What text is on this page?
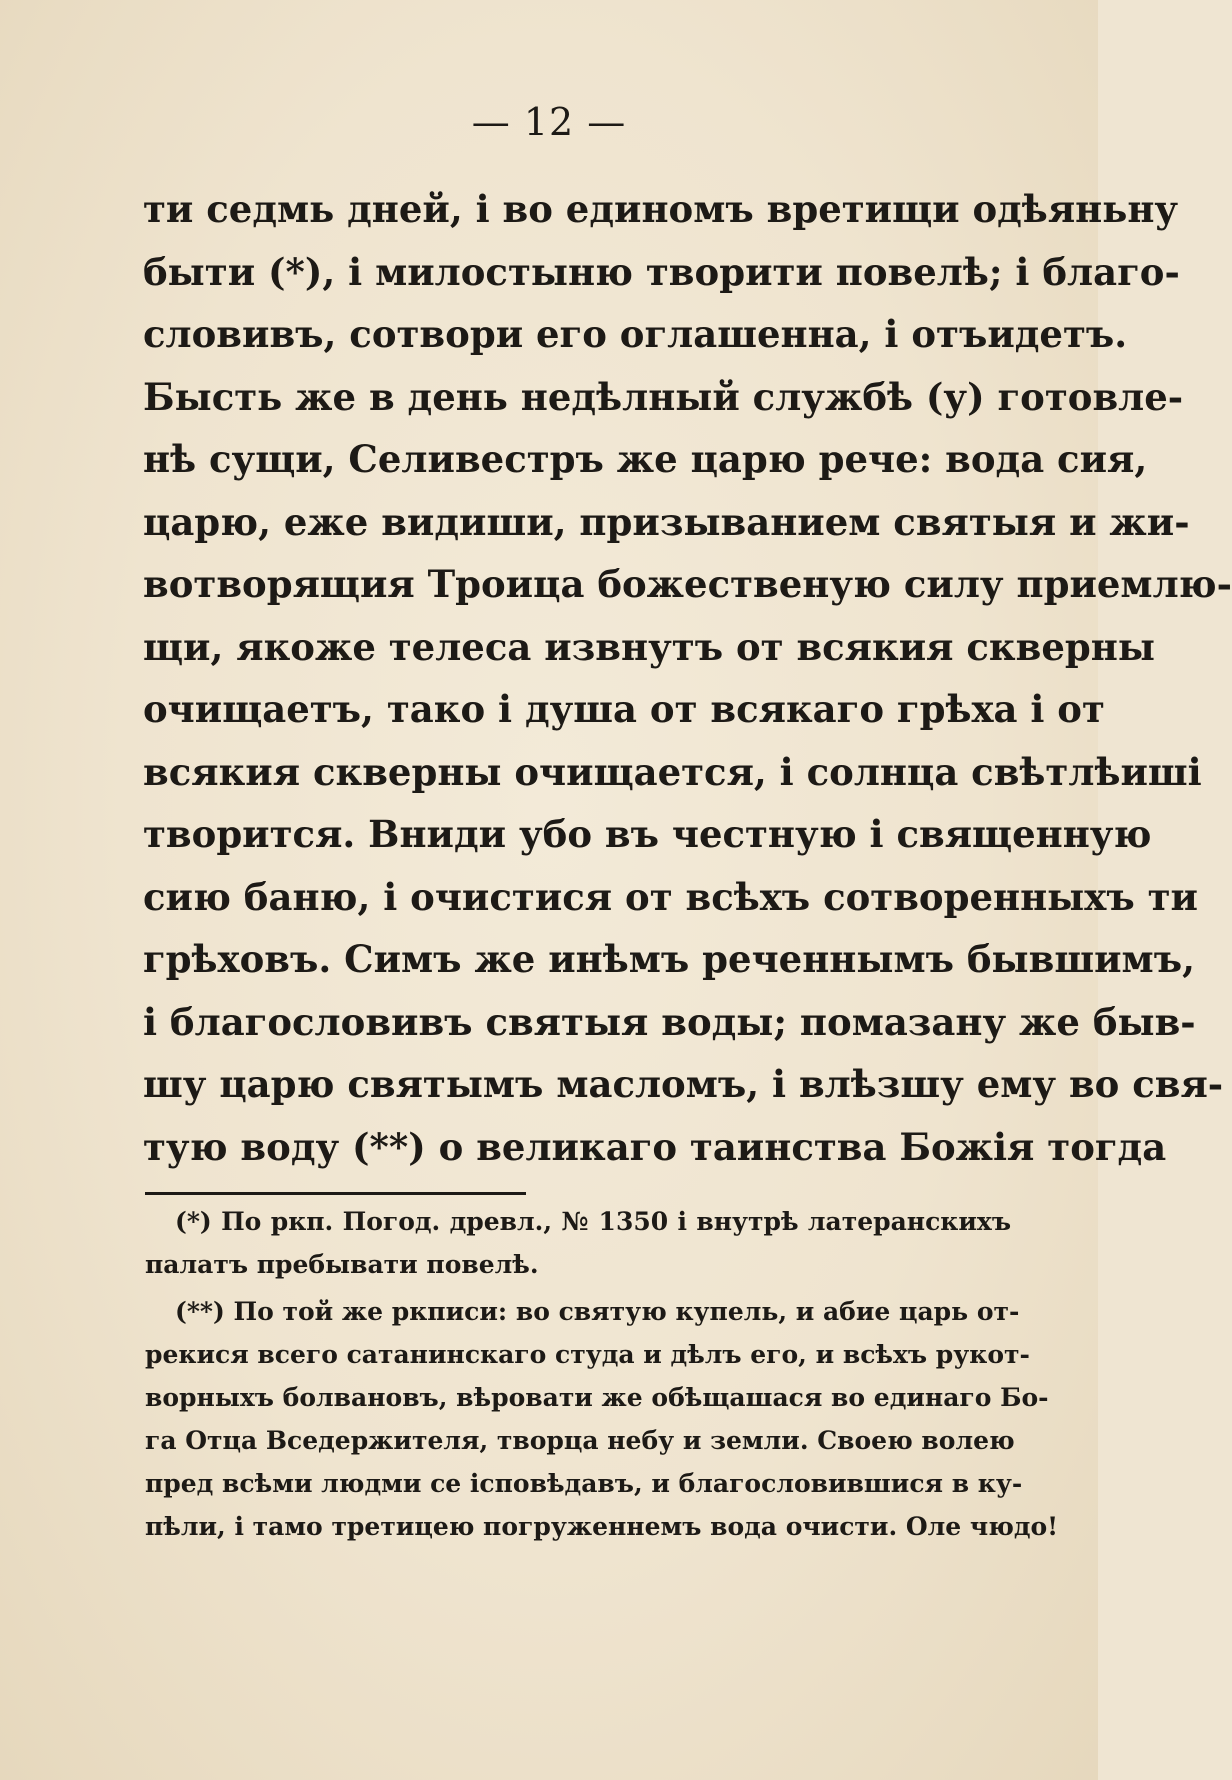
— 12 —
ти седмь дней, і во единомъ вретищи одѣяньну
быти (*), і милостыню творити повелѣ; і благо-
словивъ, сотвори его оглашенна, і отъидетъ.
Бысть же в день недѣлный службѣ (у) готовле-
нѣ сущи, Селивестръ же царю рече: вода сия,
царю, еже видиши, призыванием святыя и жи-
вотворящия Троица божественую силу приемлю-
щи, якоже телеса извнутъ от всякия скверны
очищаетъ, тако і душа от всякаго грѣха і от
всякия скверны очищается, і солнца свѣтлѣиші
творится. Вниди убо въ честную і священную
сию баню, і очистися от всѣхъ сотворенныхъ ти
грѣховъ. Симъ же инѣмъ реченнымъ бывшимъ,
і благословивъ святыя воды; помазану же быв-
шу царю святымъ масломъ, і влѣзшу ему во свя-
тую воду (**) о великаго таинства Божія тогда
(*) По ркп. Погод. древл., № 1350 і внутрѣ латеранскихъ
палатъ пребывати повелѣ.
(**) По той же ркписи: во святую купель, и абие царь от-
рекися всего сатанинскаго студа и дѣлъ его, и всѣхъ рукот-
ворныхъ болвановъ, вѣровати же обѣщашася во единаго Бо-
га Отца Вседержителя, творца небу и земли. Своею волею
пред всѣми людми се ісповѣдавъ, и благословившися в ку-
пѣли, і тамо третицею погруженнемъ вода очисти. Оле чюдо!
